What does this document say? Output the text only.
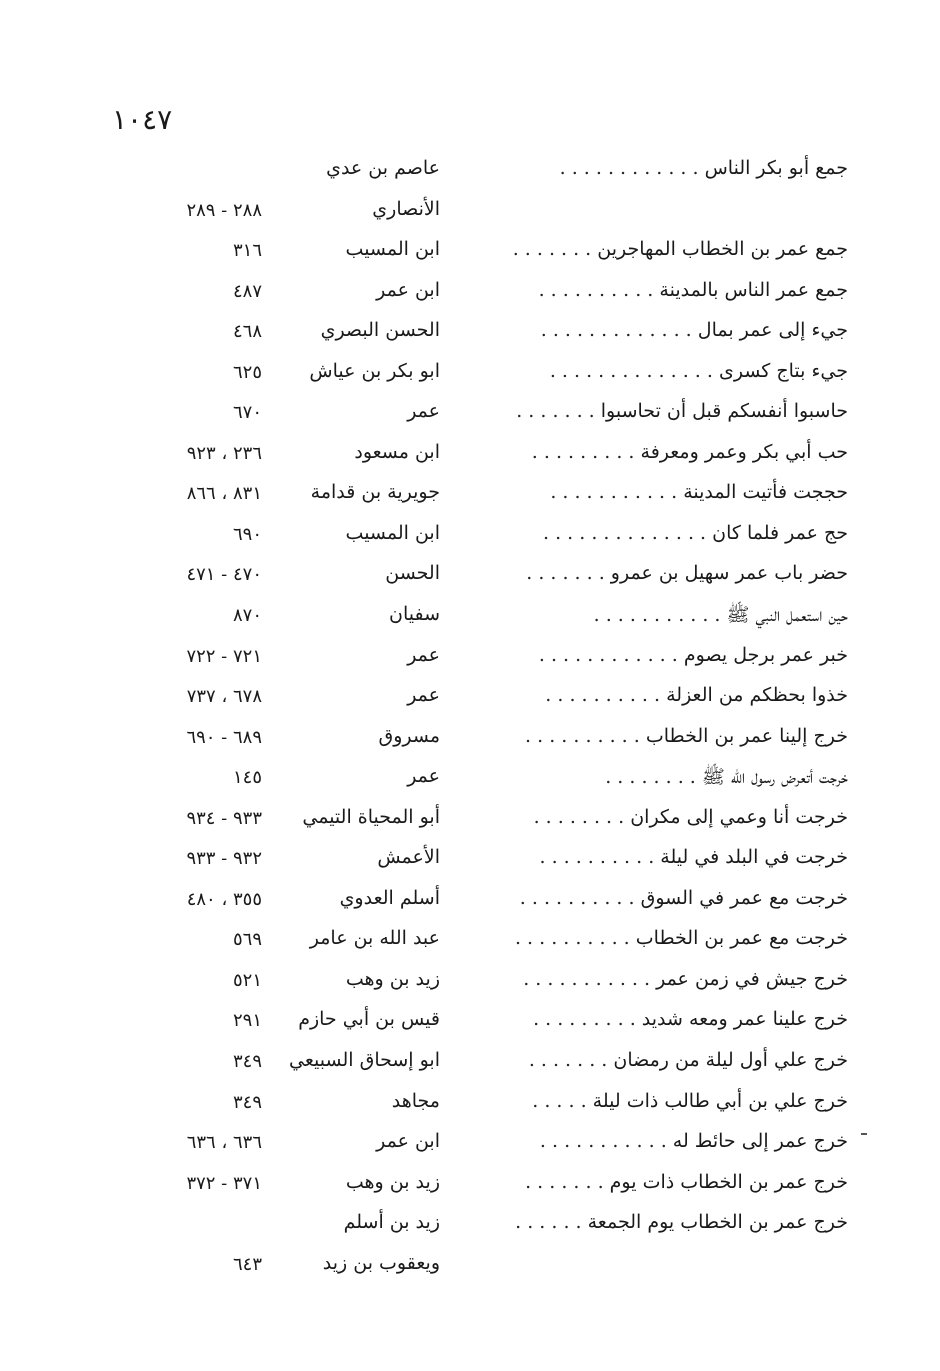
١٠٤٧
جمع أبو بكر الناس . . . . . . . . . . . .
عاصم بن عدي
الأنصاري
٢٨٨ - ٢٨٩
جمع عمر بن الخطاب المهاجرين . . . . . . .
ابن المسيب
٣١٦
جمع عمر الناس بالمدينة . . . . . . . . . .
ابن عمر
٤٨٧
جيء إلى عمر بمال . . . . . . . . . . . . .
الحسن البصري
٤٦٨
جيء بتاج كسرى . . . . . . . . . . . . . .
ابو بكر بن عياش
٦٢٥
حاسبوا أنفسكم قبل أن تحاسبوا . . . . . . .
عمر
٦٧٠
حب أبي بكر وعمر ومعرفة . . . . . . . . .
ابن مسعود
٢٣٦ ، ٩٢٣
حججت فأتيت المدينة . . . . . . . . . . .
جويرية بن قدامة
٨٣١ ، ٨٦٦
حج عمر فلما كان . . . . . . . . . . . . . .
ابن المسيب
٦٩٠
حضر باب عمر سهيل بن عمرو . . . . . . .
الحسن
٤٧٠ - ٤٧١
حين استعمل النبي ﷺ . . . . . . . . . . .
سفيان
٨٧٠
خبر عمر برجل يصوم . . . . . . . . . . . .
عمر
٧٢١ - ٧٢٢
خذوا بحظكم من العزلة . . . . . . . . . .
عمر
٦٧٨ ، ٧٣٧
خرج إلينا عمر بن الخطاب . . . . . . . . . .
مسروق
٦٨٩ - ٦٩٠
خرجت أتعرض رسول الله ﷺ . . . . . . . .
عمر
١٤٥
خرجت أنا وعمي إلى مكران . . . . . . . .
أبو المحياة التيمي
٩٣٣ - ٩٣٤
خرجت في البلد في ليلة . . . . . . . . . .
الأعمش
٩٣٢ - ٩٣٣
خرجت مع عمر في السوق . . . . . . . . . .
أسلم العدوي
٣٥٥ ، ٤٨٠
خرجت مع عمر بن الخطاب . . . . . . . . . .
عبد الله بن عامر
٥٦٩
خرج جيش في زمن عمر . . . . . . . . . . .
زيد بن وهب
٥٢١
خرج علينا عمر ومعه شديد . . . . . . . . .
قيس بن أبي حازم
٢٩١
خرج علي أول ليلة من رمضان . . . . . . .
ابو إسحاق السبيعي
٣٤٩
خرج علي بن أبي طالب ذات ليلة . . . . .
مجاهد
٣٤٩
خرج عمر إلى حائط له . . . . . . . . . . .
ابن عمر
٦٣٦ ، ٦٣٦
خرج عمر بن الخطاب ذات يوم . . . . . . .
زيد بن وهب
٣٧١ - ٣٧٢
خرج عمر بن الخطاب يوم الجمعة . . . . . .
زيد بن أسلم
ويعقوب بن زيد
٦٤٣
